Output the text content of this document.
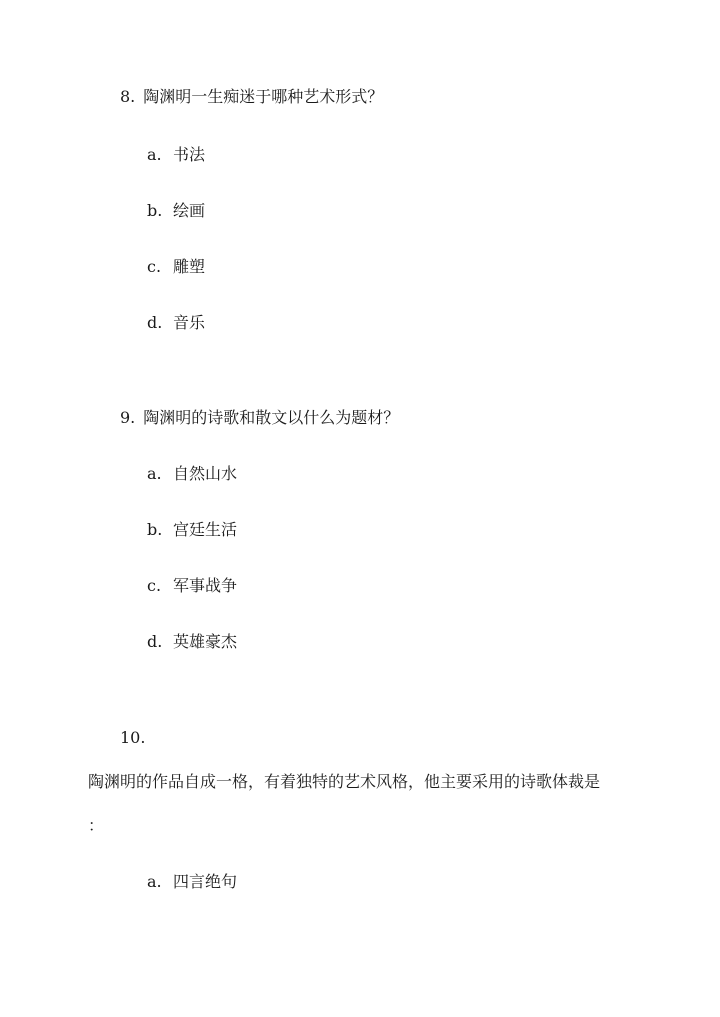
8. 陶渊明一生痴迷于哪种艺术形式？
a. 书法
b. 绘画
c. 雕塑
d. 音乐
9. 陶渊明的诗歌和散文以什么为题材？
a. 自然山水
b. 宫廷生活
c. 军事战争
d. 英雄豪杰
10.
陶渊明的作品自成一格，有着独特的艺术风格，他主要采用的诗歌体裁是
：
a. 四言绝句
